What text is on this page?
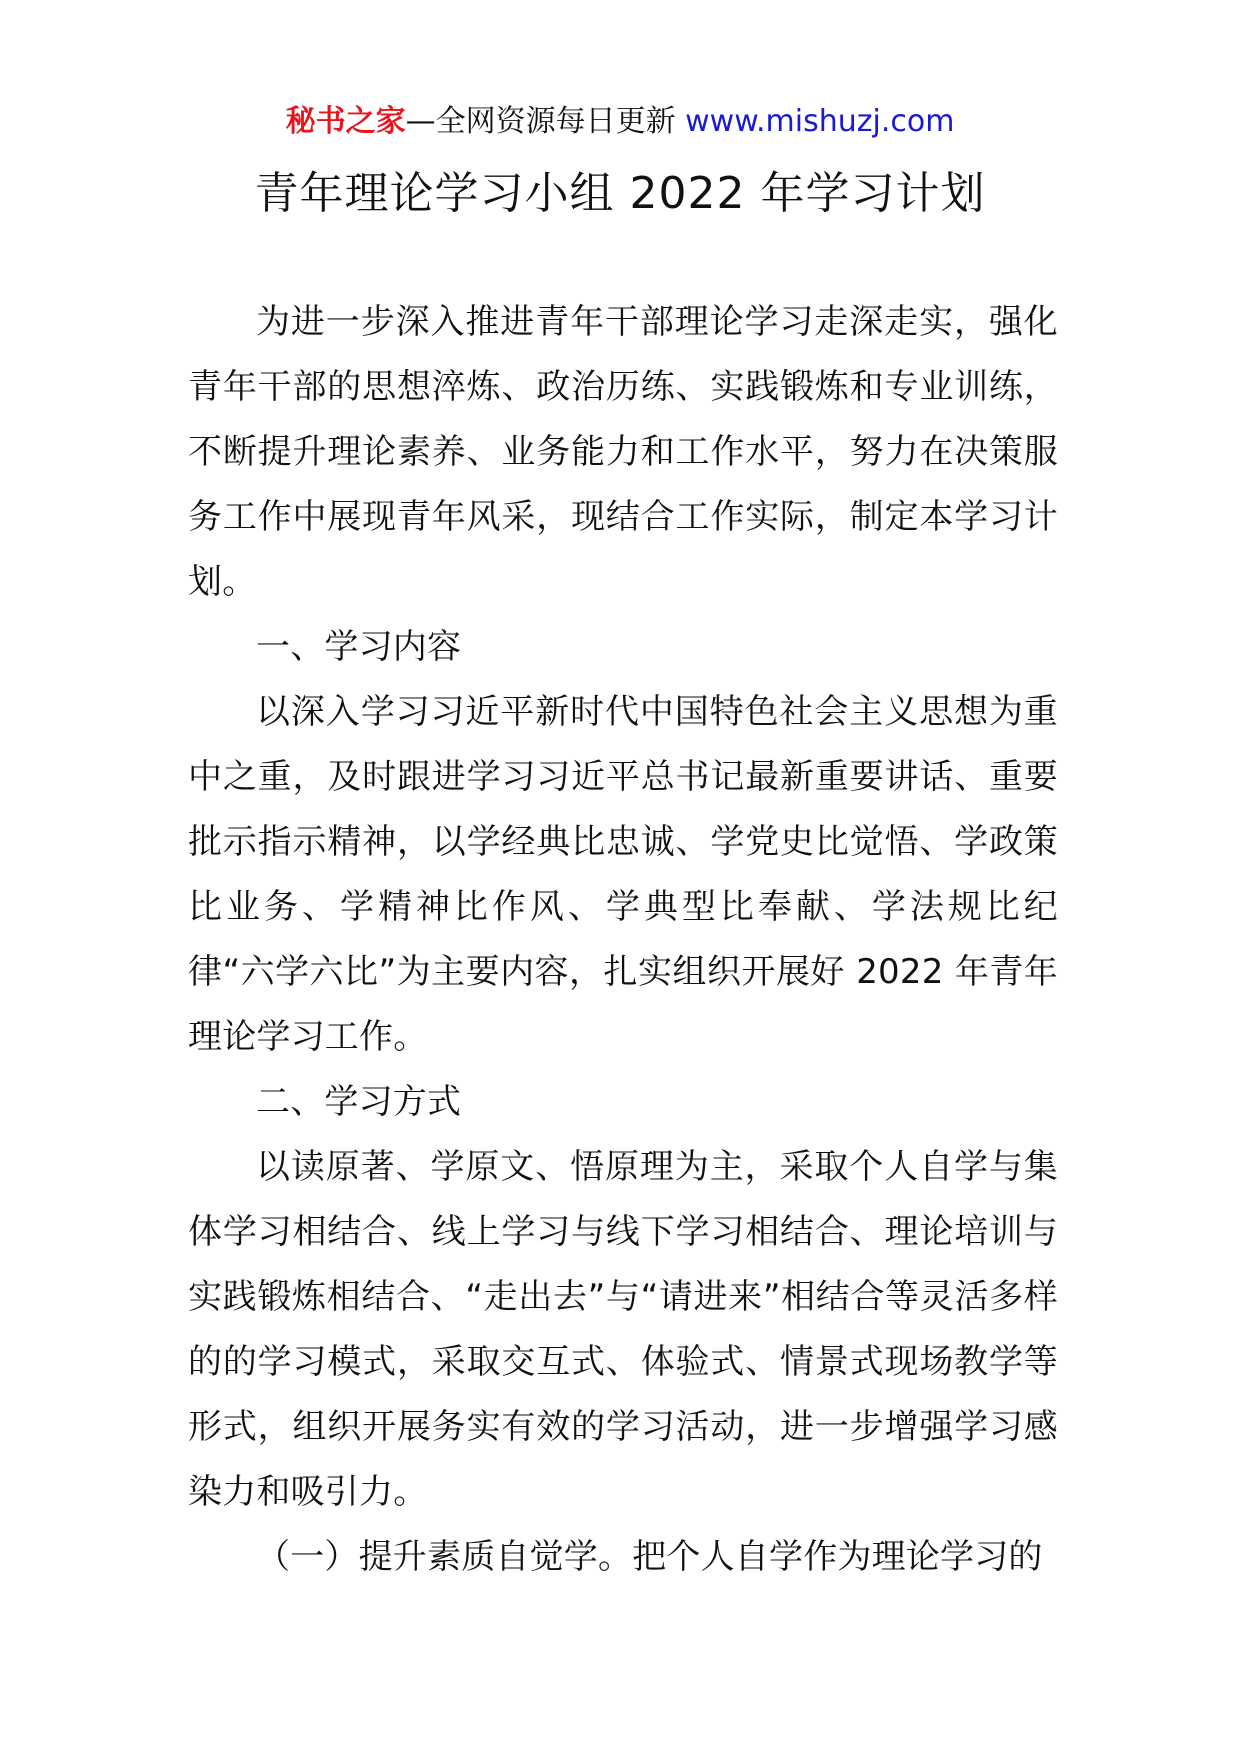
秘书之家—全网资源每日更新 www.mishuzj.com
青年理论学习小组 2022 年学习计划

为进一步深入推进青年干部理论学习走深走实，强化青年干部的思想淬炼、政治历练、实践锻炼和专业训练，不断提升理论素养、业务能力和工作水平，努力在决策服务工作中展现青年风采，现结合工作实际，制定本学习计划。

一、学习内容

以深入学习习近平新时代中国特色社会主义思想为重中之重，及时跟进学习习近平总书记最新重要讲话、重要批示指示精神，以学经典比忠诚、学党史比觉悟、学政策比业务、学精神比作风、学典型比奉献、学法规比纪律“六学六比”为主要内容，扎实组织开展好 2022 年青年理论学习工作。

二、学习方式

以读原著、学原文、悟原理为主，采取个人自学与集体学习相结合、线上学习与线下学习相结合、理论培训与实践锻炼相结合、“走出去”与“请进来”相结合等灵活多样的的学习模式，采取交互式、体验式、情景式现场教学等形式，组织开展务实有效的学习活动，进一步增强学习感染力和吸引力。

（一）提升素质自觉学。把个人自学作为理论学习的
